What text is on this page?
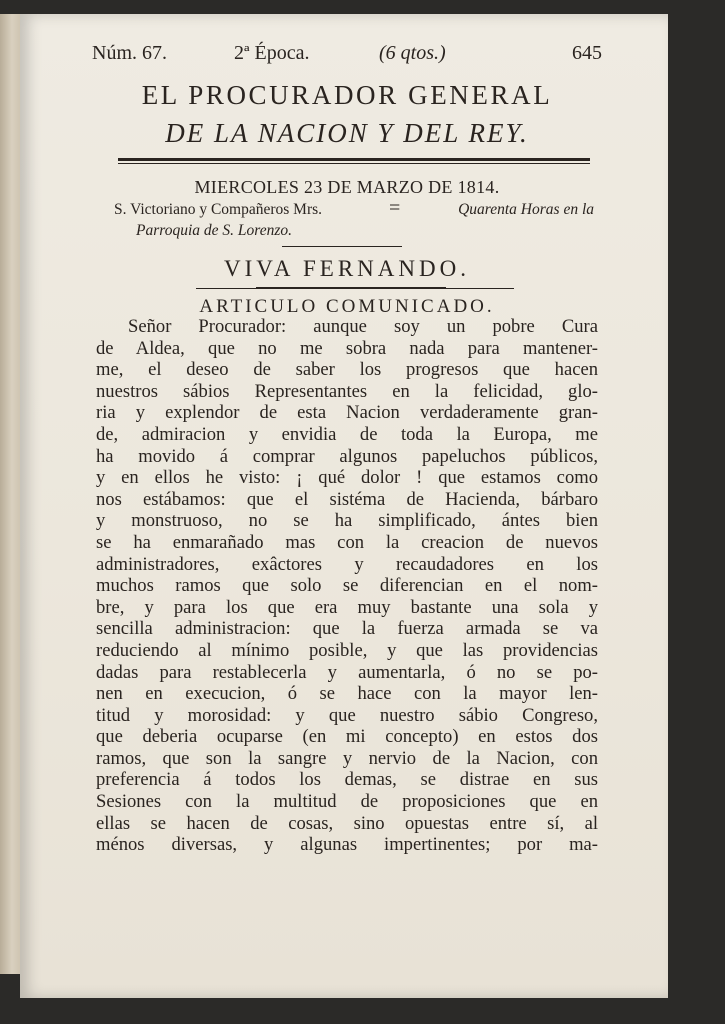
Núm. 67.	2ª Época.	(6 qtos.)	645
EL PROCURADOR GENERAL
DE LA NACION Y DEL REY.
MIERCOLES 23 DE MARZO DE 1814.
S. Victoriano y Compañeros Mrs.	=	Quarenta Horas en la
Parroquia de S. Lorenzo.
VIVA FERNANDO.
ARTICULO COMUNICADO.
Señor Procurador: aunque soy un pobre Cura
de Aldea, que no me sobra nada para mantener-
me, el deseo de saber los progresos que hacen
nuestros sábios Representantes en la felicidad, glo-
ria y explendor de esta Nacion verdaderamente gran-
de, admiracion y envidia de toda la Europa, me
ha movido á comprar algunos papeluchos públicos,
y en ellos he visto: ¡ qué dolor ! que estamos como
nos estábamos: que el sistéma de Hacienda, bárbaro
y monstruoso, no se ha simplificado, ántes bien
se ha enmarañado mas con la creacion de nuevos
administradores, exâctores y recaudadores en los
muchos ramos que solo se diferencian en el nom-
bre, y para los que era muy bastante una sola y
sencilla administracion: que la fuerza armada se va
reduciendo al mínimo posible, y que las providencias
dadas para restablecerla y aumentarla, ó no se po-
nen en execucion, ó se hace con la mayor len-
titud y morosidad: y que nuestro sábio Congreso,
que deberia ocuparse (en mi concepto) en estos dos
ramos, que son la sangre y nervio de la Nacion, con
preferencia á todos los demas, se distrae en sus
Sesiones con la multitud de proposiciones que en
ellas se hacen de cosas, sino opuestas entre sí, al
ménos diversas, y algunas impertinentes; por ma-
